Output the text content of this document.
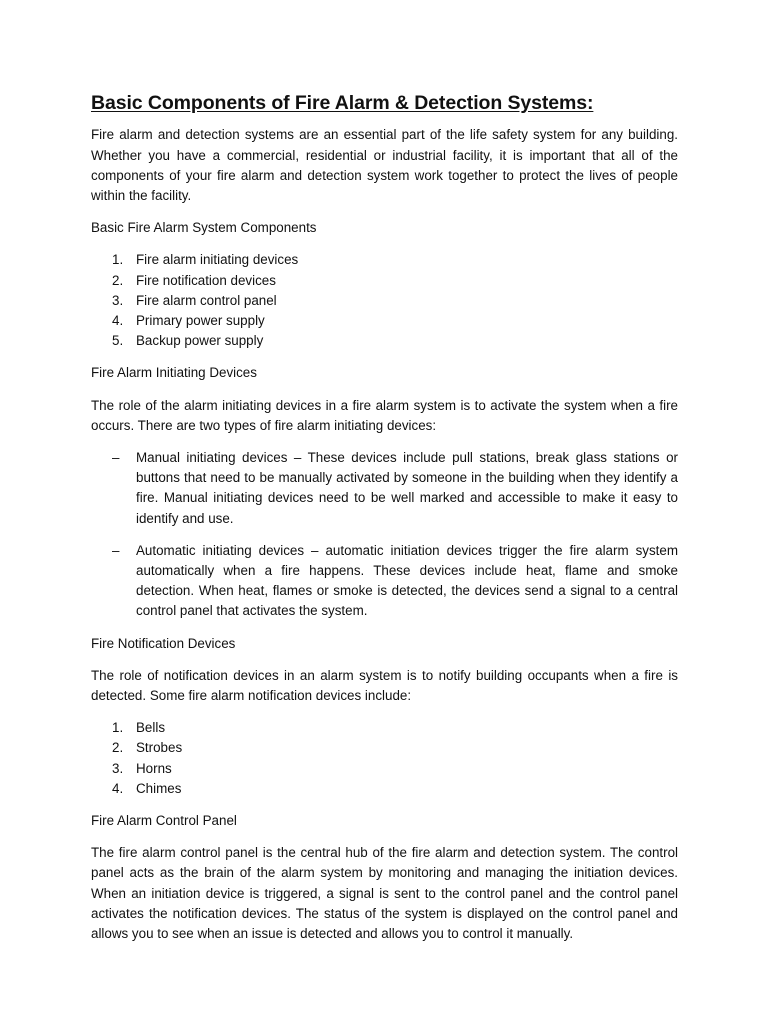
Basic Components of Fire Alarm & Detection Systems:

Fire alarm and detection systems are an essential part of the life safety system for any building. Whether you have a commercial, residential or industrial facility, it is important that all of the components of your fire alarm and detection system work together to protect the lives of people within the facility.

Basic Fire Alarm System Components

1. Fire alarm initiating devices
2. Fire notification devices
3. Fire alarm control panel
4. Primary power supply
5. Backup power supply

Fire Alarm Initiating Devices

The role of the alarm initiating devices in a fire alarm system is to activate the system when a fire occurs. There are two types of fire alarm initiating devices:

–	Manual initiating devices – These devices include pull stations, break glass stations or buttons that need to be manually activated by someone in the building when they identify a fire. Manual initiating devices need to be well marked and accessible to make it easy to identify and use.
–	Automatic initiating devices – automatic initiation devices trigger the fire alarm system automatically when a fire happens. These devices include heat, flame and smoke detection. When heat, flames or smoke is detected, the devices send a signal to a central control panel that activates the system.

Fire Notification Devices

The role of notification devices in an alarm system is to notify building occupants when a fire is detected. Some fire alarm notification devices include:

1. Bells
2. Strobes
3. Horns
4. Chimes

Fire Alarm Control Panel

The fire alarm control panel is the central hub of the fire alarm and detection system. The control panel acts as the brain of the alarm system by monitoring and managing the initiation devices. When an initiation device is triggered, a signal is sent to the control panel and the control panel activates the notification devices. The status of the system is displayed on the control panel and allows you to see when an issue is detected and allows you to control it manually.
